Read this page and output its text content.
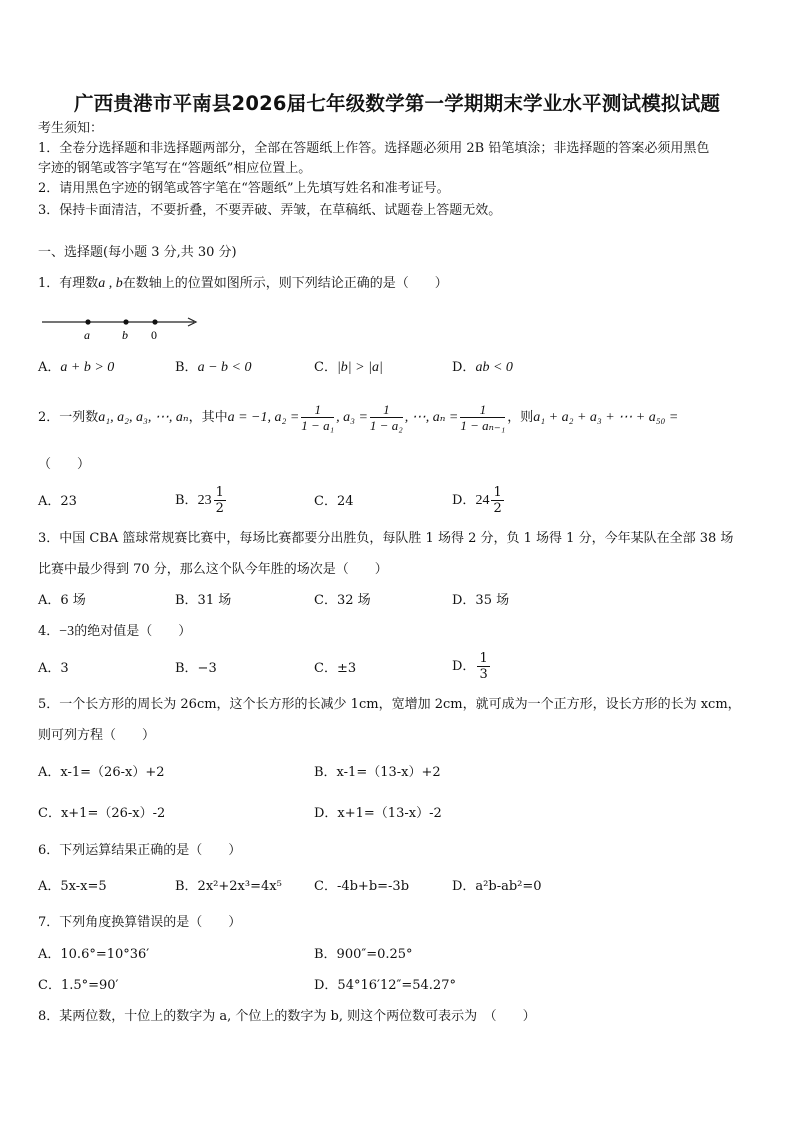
广西贵港市平南县2026届七年级数学第一学期期末学业水平测试模拟试题
考生须知：
1．全卷分选择题和非选择题两部分，全部在答题纸上作答。选择题必须用 2B 铅笔填涂；非选择题的答案必须用黑色
字迹的钢笔或答字笔写在“答题纸”相应位置上。
2．请用黑色字迹的钢笔或答字笔在“答题纸”上先填写姓名和准考证号。
3．保持卡面清洁，不要折叠，不要弄破、弄皱，在草稿纸、试题卷上答题无效。
一、选择题(每小题 3 分,共 30 分)
1．有理数a , b在数轴上的位置如图所示，则下列结论正确的是（　　）
a	b 0
A．a + b > 0	B．a − b < 0	C．|b| > |a|	D．ab < 0
2．一列数 a₁, a₂, a₃, ⋯, aₙ ，其中 a = −1, $a_2 = \frac{1}{\text{1 − a₁}}$ , $a_3 = \frac{1}{\text{1 − a₂}}$ , ⋯, $a_n = \frac{1}{\text{1 − aₙ₋₁}}$ ，则 a₁ + a₂ + a₃ + ⋯ + a₅₀ =
（　　）
A．23	B． $23 \frac{1}{2}$	C．24	D． $24 \frac{1}{2}$
3．中国 CBA 篮球常规赛比赛中，每场比赛都要分出胜负，每队胜 1 场得 2 分，负 1 场得 1 分，今年某队在全部 38 场
比赛中最少得到 70 分，那么这个队今年胜的场次是（　　）
A．6 场	B．31 场	C．32 场	D．35 场
4．−3的绝对值是（　　）
A．3	B．−3	C．±3	D． $\frac{1}{3}$
5．一个长方形的周长为 26cm，这个长方形的长减少 1cm，宽增加 2cm，就可成为一个正方形，设长方形的长为 xcm，
则可列方程（　　）
A．x-1=（26-x）+2	B．x-1=（13-x）+2
C．x+1=（26-x）-2	D．x+1=（13-x）-2
6．下列运算结果正确的是（　　）
A．5x-x=5	B．2x²+2x³=4x⁵ C．-4b+b=-3b	D．a²b-ab²=0
7．下列角度换算错误的是（　　）
A．10.6°=10°36′	B．900″=0.25°
C．1.5°=90′	D．54°16′12″=54.27°
8．某两位数，十位上的数字为 a, 个位上的数字为 b, 则这个两位数可表示为　（　　）
